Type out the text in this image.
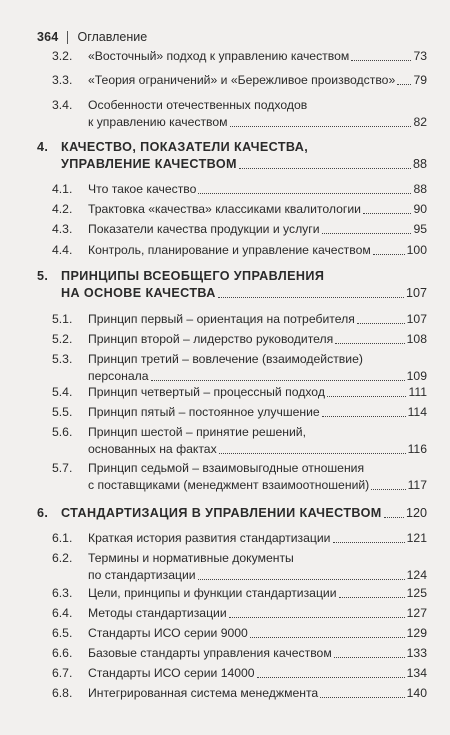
364 Оглавление
3.2. «Восточный» подход к управлению качеством	73
3.3. «Теория ограничений» и «Бережливое производство» 79
3.4. Особенности отечественных подходов
к управлению качеством	82
4. КАЧЕСТВО, ПОКАЗАТЕЛИ КАЧЕСТВА,
УПРАВЛЕНИЕ КАЧЕСТВОМ	88
4.1. Что такое качество	88
4.2. Трактовка «качества» классиками квалитологии	90
4.3. Показатели качества продукции и услуги	95
4.4. Контроль, планирование и управление качеством	100
5. ПРИНЦИПЫ ВСЕОБЩЕГО УПРАВЛЕНИЯ
НА ОСНОВЕ КАЧЕСТВА	107
5.1. Принцип первый – ориентация на потребителя	107
5.2. Принцип второй – лидерство руководителя	108
5.3. Принцип третий – вовлечение (взаимодействие)
персонала	109
5.4. Принцип четвертый – процессный подход	111
5.5. Принцип пятый – постоянное улучшение	114
5.6. Принцип шестой – принятие решений,
основанных на фактах	116
5.7. Принцип седьмой – взаимовыгодные отношения
с поставщиками (менеджмент взаимоотношений)	117
6. СТАНДАРТИЗАЦИЯ В УПРАВЛЕНИИ КАЧЕСТВОМ 120
6.1. Краткая история развития стандартизации	121
6.2. Термины и нормативные документы
по стандартизации	124
6.3. Цели, принципы и функции стандартизации	125
6.4. Методы стандартизации	127
6.5. Стандарты ИСО серии 9000	129
6.6. Базовые стандарты управления качеством	133
6.7. Стандарты ИСО серии 14000	134
6.8. Интегрированная система менеджмента	140
